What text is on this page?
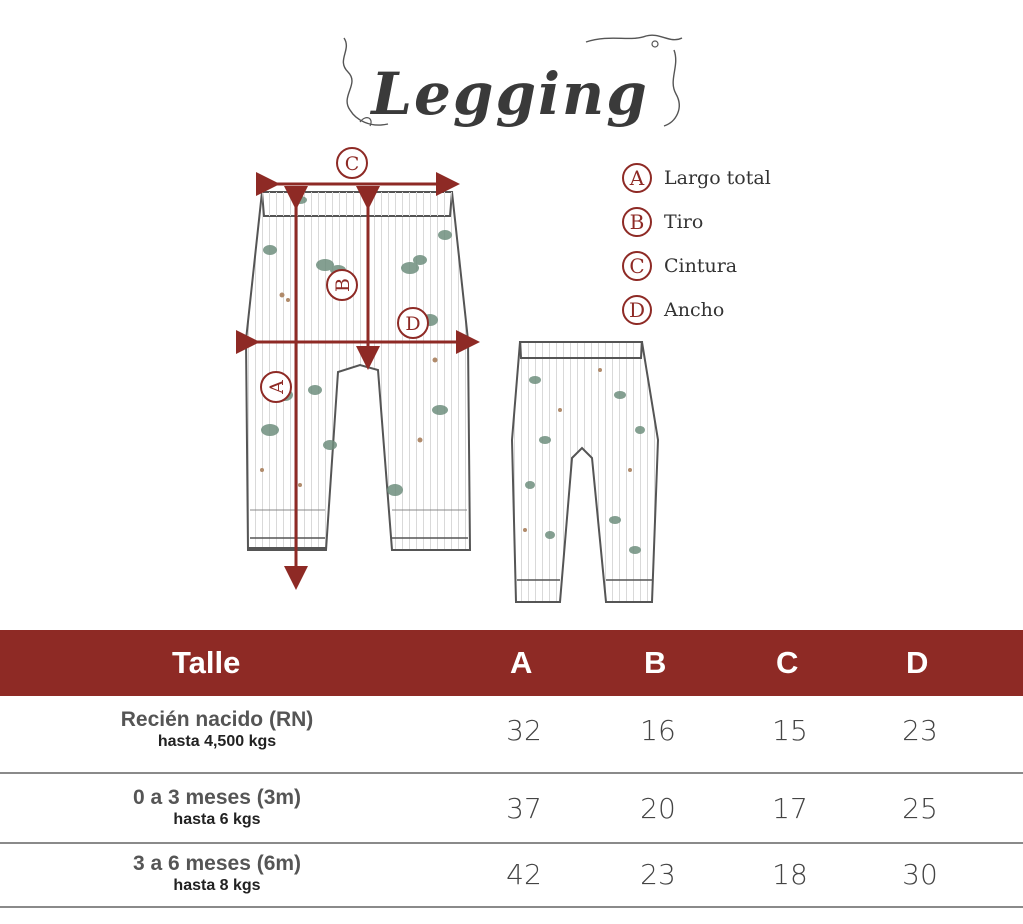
Legging
C
B
D
A
A	Largo total
B	Tiro
C	Cintura
D Ancho
Talle	A	B	C	D
Recién nacido (RN)
hasta 4,500 kgs	32	16	15	23
0 a 3 meses (3m)
hasta 6 kgs	37	20	17	25
3 a 6 meses (6m)
hasta 8 kgs	42	23	18	30
